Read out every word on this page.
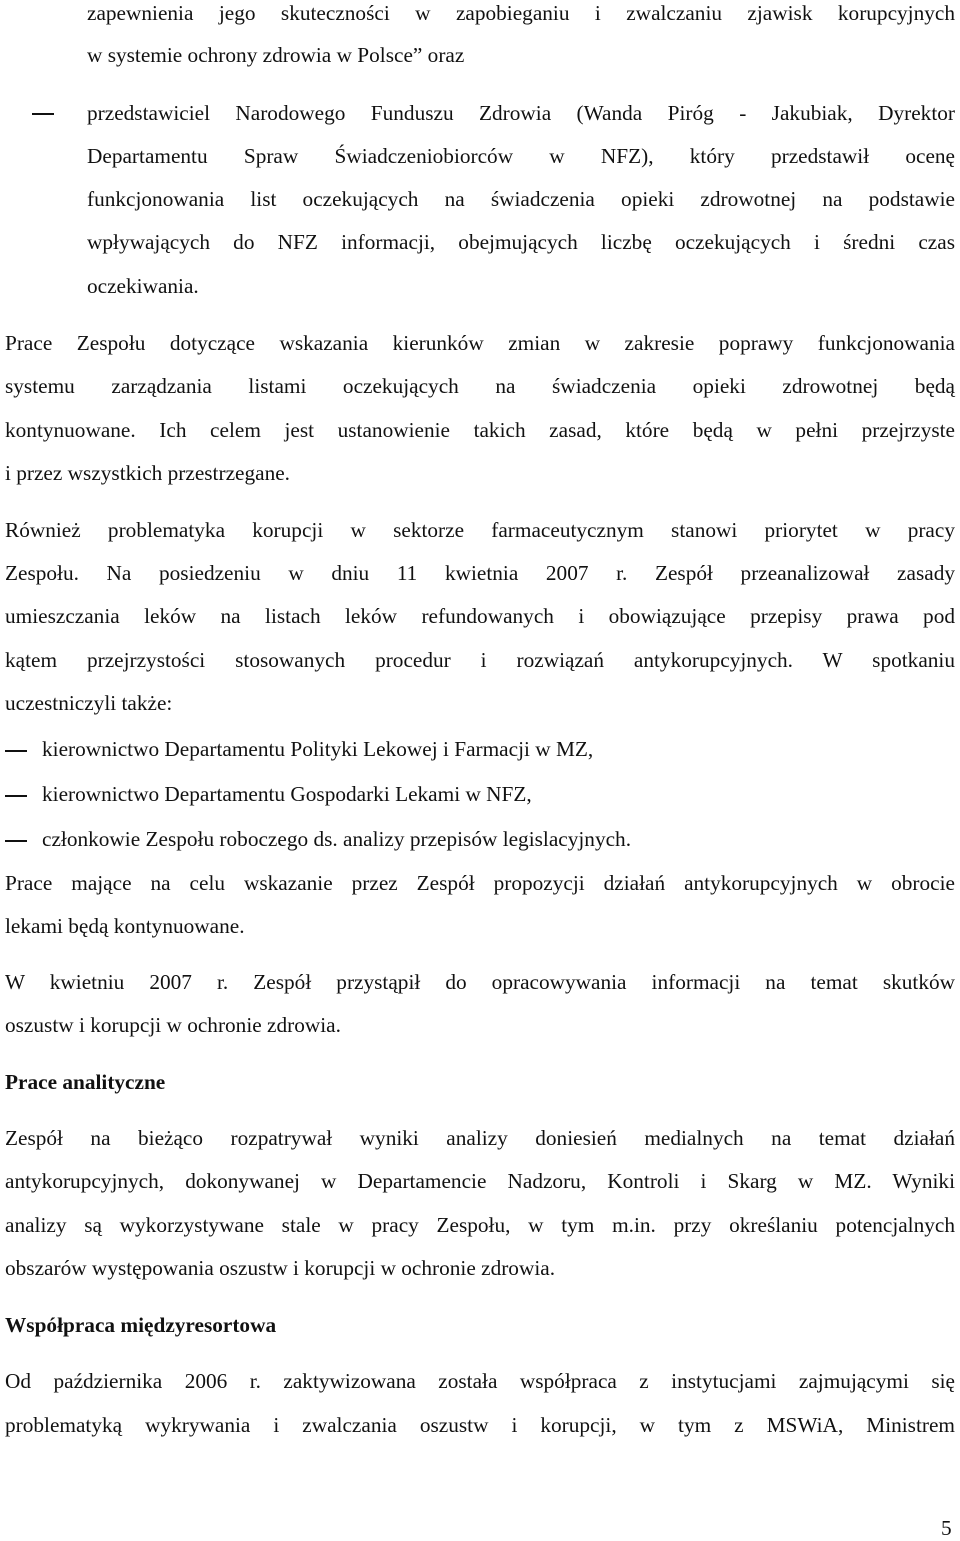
zapewnienia jego skuteczności w zapobieganiu i zwalczaniu zjawisk korupcyjnych
w systemie ochrony zdrowia w Polsce” oraz
przedstawiciel Narodowego Funduszu Zdrowia (Wanda Piróg - Jakubiak, Dyrektor
Departamentu Spraw Świadczeniobiorców w NFZ), który przedstawił ocenę
funkcjonowania list oczekujących na świadczenia opieki zdrowotnej na podstawie
wpływających do NFZ informacji, obejmujących liczbę oczekujących i średni czas
oczekiwania.
Prace Zespołu dotyczące wskazania kierunków zmian w zakresie poprawy funkcjonowania
systemu zarządzania listami oczekujących na świadczenia opieki zdrowotnej będą
kontynuowane. Ich celem jest ustanowienie takich zasad, które będą w pełni przejrzyste
i przez wszystkich przestrzegane.
Również problematyka korupcji w sektorze farmaceutycznym stanowi priorytet w pracy
Zespołu. Na posiedzeniu w dniu 11 kwietnia 2007 r. Zespół przeanalizował zasady
umieszczania leków na listach leków refundowanych i obowiązujące przepisy prawa pod
kątem przejrzystości stosowanych procedur i rozwiązań antykorupcyjnych. W spotkaniu
uczestniczyli także:
kierownictwo Departamentu Polityki Lekowej i Farmacji w MZ,
kierownictwo Departamentu Gospodarki Lekami w NFZ,
członkowie Zespołu roboczego ds. analizy przepisów legislacyjnych.
Prace mające na celu wskazanie przez Zespół propozycji działań antykorupcyjnych w obrocie
lekami będą kontynuowane.
W kwietniu 2007 r. Zespół przystąpił do opracowywania informacji na temat skutków
oszustw i korupcji w ochronie zdrowia.
Prace analityczne
Zespół na bieżąco rozpatrywał wyniki analizy doniesień medialnych na temat działań
antykorupcyjnych, dokonywanej w Departamencie Nadzoru, Kontroli i Skarg w MZ. Wyniki
analizy są wykorzystywane stale w pracy Zespołu, w tym m.in. przy określaniu potencjalnych
obszarów występowania oszustw i korupcji w ochronie zdrowia.
Współpraca międzyresortowa
Od października 2006 r. zaktywizowana została współpraca z instytucjami zajmującymi się
problematyką wykrywania i zwalczania oszustw i korupcji, w tym z MSWiA, Ministrem
5
